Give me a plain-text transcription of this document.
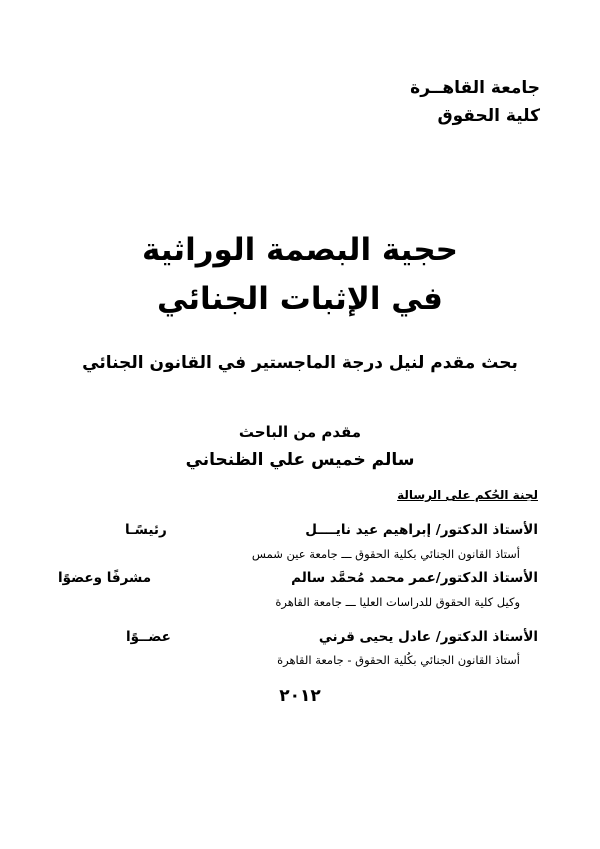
جامعة القاهــرة
كلية الحقوق
حجية البصمة الوراثية
في الإثبات الجنائي
بحث مقدم لنيل درجة الماجستير في القانون الجنائي
مقدم من الباحث
سالم خميس علي الظنحاني
لجنة الحُكم على الرسالة
الأستاذ الدكتور/ إبراهيم عيد نايــــل
رئيسًـا
أستاذ القانون الجنائي بكلية الحقوق ـــ جامعة عين شمس
الأستاذ الدكتور/عمر محمد مُحمَّد سالم
مشرفًا وعضوًا
وكيل كلية الحقوق للدراسات العليا ـــ جامعة القاهرة
الأستاذ الدكتور/ عادل يحيى قرني
عضــوًا
أستاذ القانون الجنائي بكُلية الحقوق - جامعة القاهرة
٢٠١٢
